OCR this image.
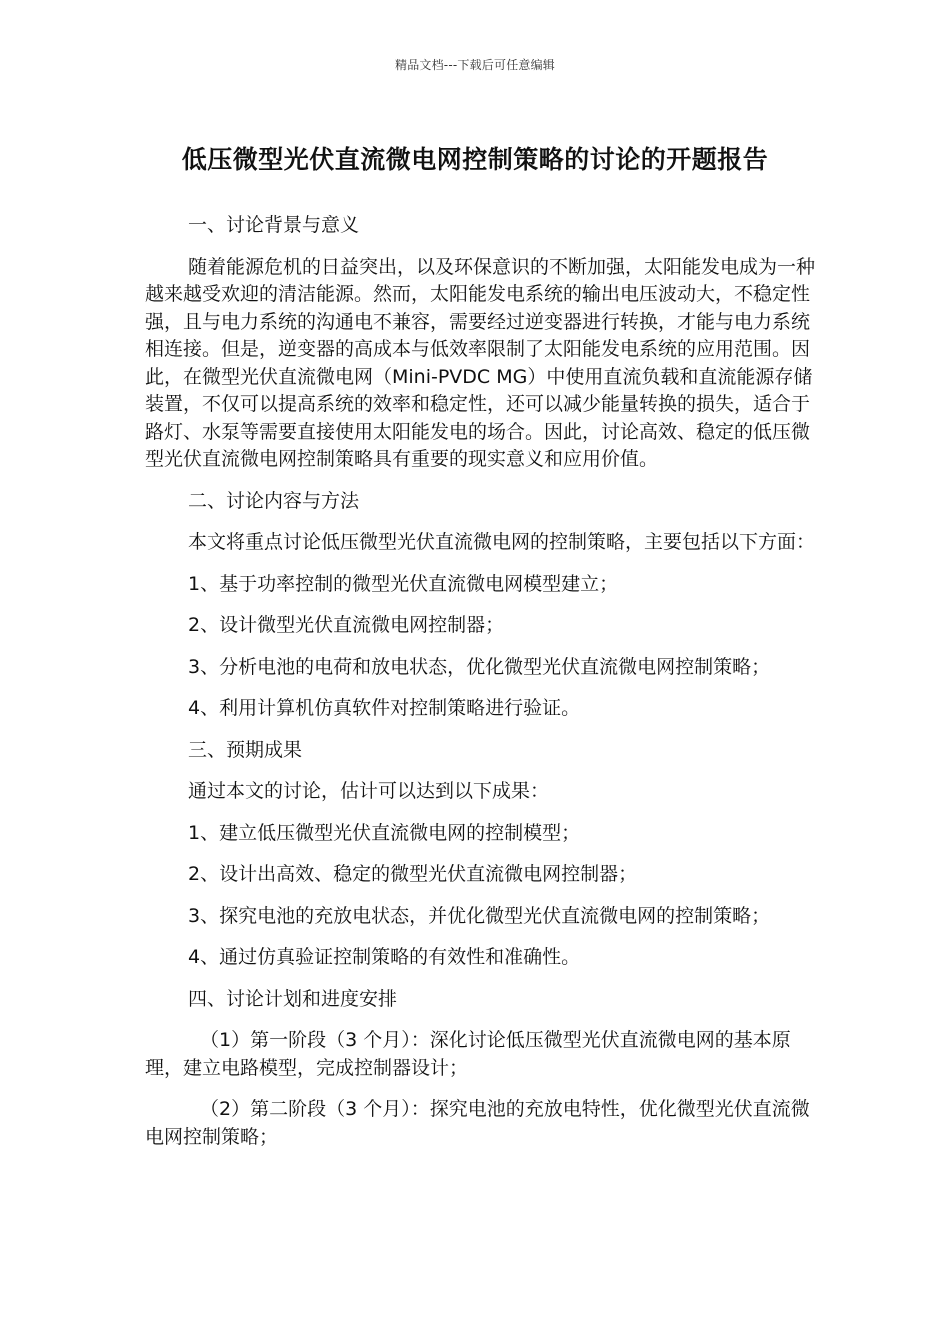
精品文档---下载后可任意编辑
低压微型光伏直流微电网控制策略的讨论的开题报告

一、讨论背景与意义

随着能源危机的日益突出，以及环保意识的不断加强，太阳能发电成为一种越来越受欢迎的清洁能源。然而，太阳能发电系统的输出电压波动大，不稳定性强，且与电力系统的沟通电不兼容，需要经过逆变器进行转换，才能与电力系统相连接。但是，逆变器的高成本与低效率限制了太阳能发电系统的应用范围。因此，在微型光伏直流微电网（Mini-PVDC MG）中使用直流负载和直流能源存储装置，不仅可以提高系统的效率和稳定性，还可以减少能量转换的损失，适合于路灯、水泵等需要直接使用太阳能发电的场合。因此，讨论高效、稳定的低压微型光伏直流微电网控制策略具有重要的现实意义和应用价值。

二、讨论内容与方法

本文将重点讨论低压微型光伏直流微电网的控制策略，主要包括以下方面：

1、基于功率控制的微型光伏直流微电网模型建立；

2、设计微型光伏直流微电网控制器；

3、分析电池的电荷和放电状态，优化微型光伏直流微电网控制策略；

4、利用计算机仿真软件对控制策略进行验证。

三、预期成果

通过本文的讨论，估计可以达到以下成果：

1、建立低压微型光伏直流微电网的控制模型；

2、设计出高效、稳定的微型光伏直流微电网控制器；

3、探究电池的充放电状态，并优化微型光伏直流微电网的控制策略；

4、通过仿真验证控制策略的有效性和准确性。

四、讨论计划和进度安排

（1）第一阶段（3 个月）：深化讨论低压微型光伏直流微电网的基本原理，建立电路模型，完成控制器设计；

（2）第二阶段（3 个月）：探究电池的充放电特性，优化微型光伏直流微电网控制策略；
